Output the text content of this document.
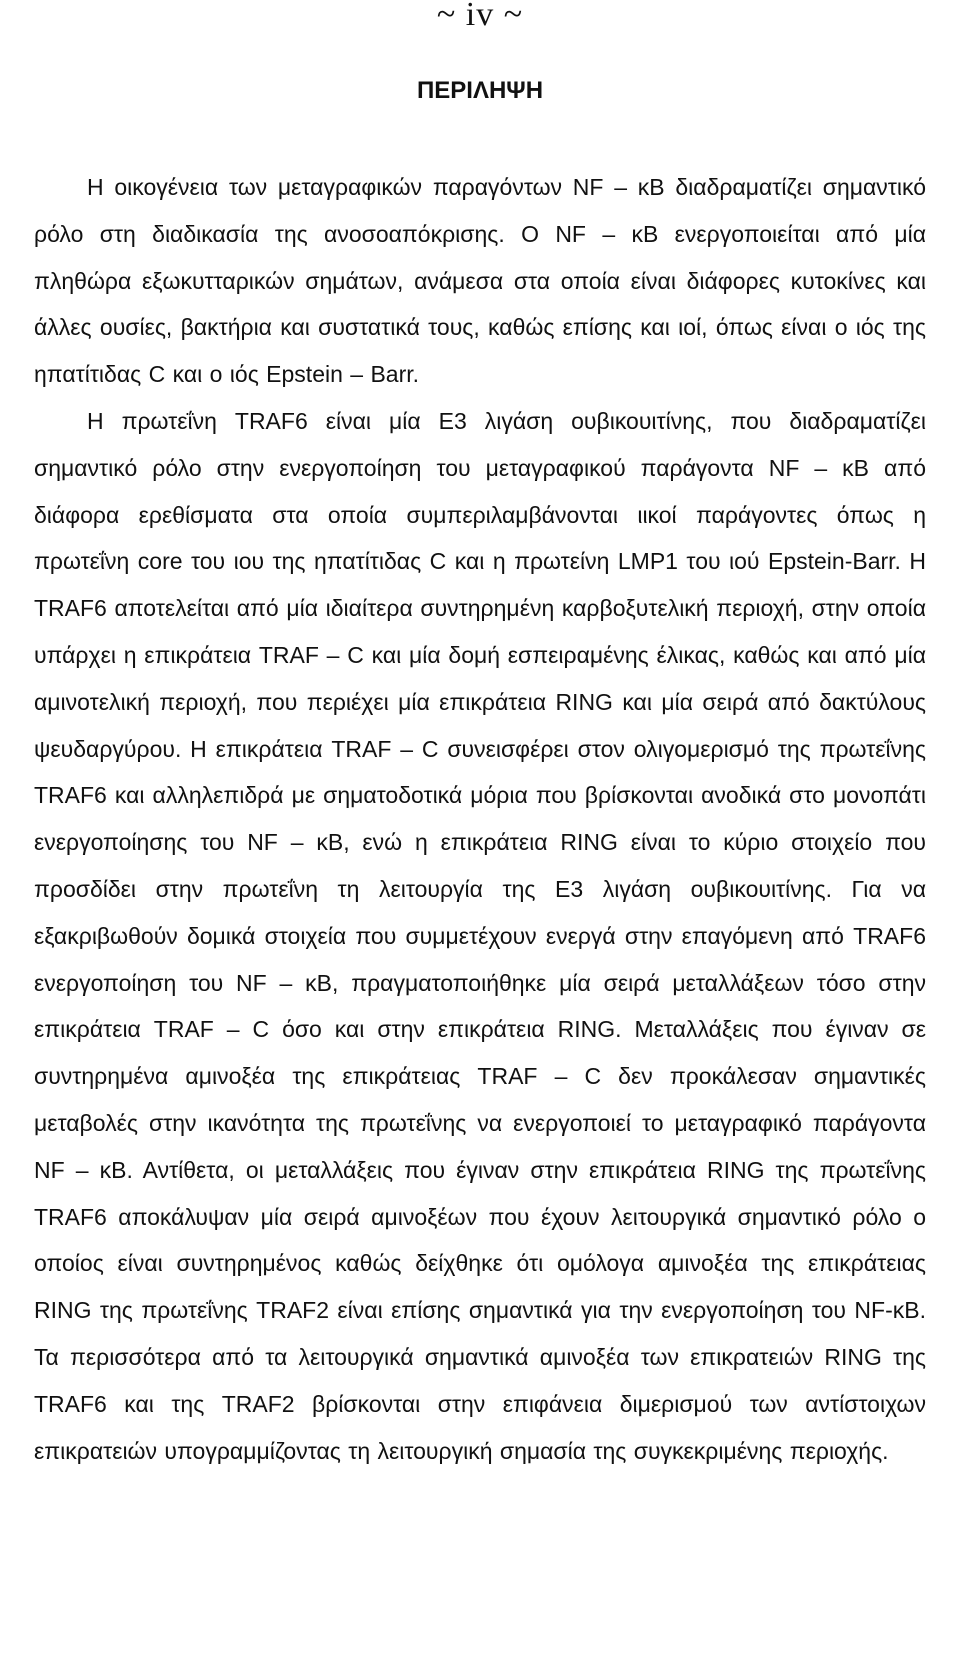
~ iv ~
ΠΕΡΙΛΗΨΗ

Η οικογένεια των μεταγραφικών παραγόντων NF – κΒ διαδραματίζει σημαντικό ρόλο στη διαδικασία της ανοσοαπόκρισης. Ο NF – κΒ ενεργοποιείται από μία πληθώρα εξωκυτταρικών σημάτων, ανάμεσα στα οποία είναι διάφορες κυτοκίνες και άλλες ουσίες, βακτήρια και συστατικά τους, καθώς επίσης και ιοί, όπως είναι ο ιός της ηπατίτιδας C και ο ιός Epstein – Barr.

Η πρωτεΐνη TRAF6 είναι μία Ε3 λιγάση ουβικουιτίνης, που διαδραματίζει σημαντικό ρόλο στην ενεργοποίηση του μεταγραφικού παράγοντα NF – κΒ από διάφορα ερεθίσματα στα οποία συμπεριλαμβάνονται ιικοί παράγοντες όπως η πρωτεΐνη core του ιου της ηπατίτιδας C και η πρωτείνη LMP1 του ιού Epstein-Barr. Η TRAF6 αποτελείται από μία ιδιαίτερα συντηρημένη καρβοξυτελική περιοχή, στην οποία υπάρχει η επικράτεια TRAF – C και μία δομή εσπειραμένης έλικας, καθώς και από μία αμινοτελική περιοχή, που περιέχει μία επικράτεια RING και μία σειρά από δακτύλους ψευδαργύρου. Η επικράτεια TRAF – C συνεισφέρει στον ολιγομερισμό της πρωτεΐνης TRAF6 και αλληλεπιδρά με σηματοδοτικά μόρια που βρίσκονται ανοδικά στο μονοπάτι ενεργοποίησης του NF – κΒ, ενώ η επικράτεια RING είναι το κύριο στοιχείο που προσδίδει στην πρωτεΐνη τη λειτουργία της Ε3 λιγάση ουβικουιτίνης. Για να εξακριβωθούν δομικά στοιχεία που συμμετέχουν ενεργά στην επαγόμενη από TRAF6 ενεργοποίηση του NF – κΒ, πραγματοποιήθηκε μία σειρά μεταλλάξεων τόσο στην επικράτεια TRAF – C όσο και στην επικράτεια RING. Μεταλλάξεις που έγιναν σε συντηρημένα αμινοξέα της επικράτειας TRAF – C δεν προκάλεσαν σημαντικές μεταβολές στην ικανότητα της πρωτεΐνης να ενεργοποιεί το μεταγραφικό παράγοντα NF – κΒ. Αντίθετα, οι μεταλλάξεις που έγιναν στην επικράτεια RING της πρωτεΐνης TRAF6 αποκάλυψαν μία σειρά αμινοξέων που έχουν λειτουργικά σημαντικό ρόλο ο οποίος είναι συντηρημένος καθώς δείχθηκε ότι ομόλογα αμινοξέα της επικράτειας RING της πρωτεΐνης TRAF2 είναι επίσης σημαντικά για την ενεργοποίηση του NF-κΒ. Τα περισσότερα από τα λειτουργικά σημαντικά αμινοξέα των επικρατειών RING της TRAF6 και της TRAF2 βρίσκονται στην επιφάνεια διμερισμού των αντίστοιχων επικρατειών υπογραμμίζοντας τη λειτουργική σημασία της συγκεκριμένης περιοχής.
